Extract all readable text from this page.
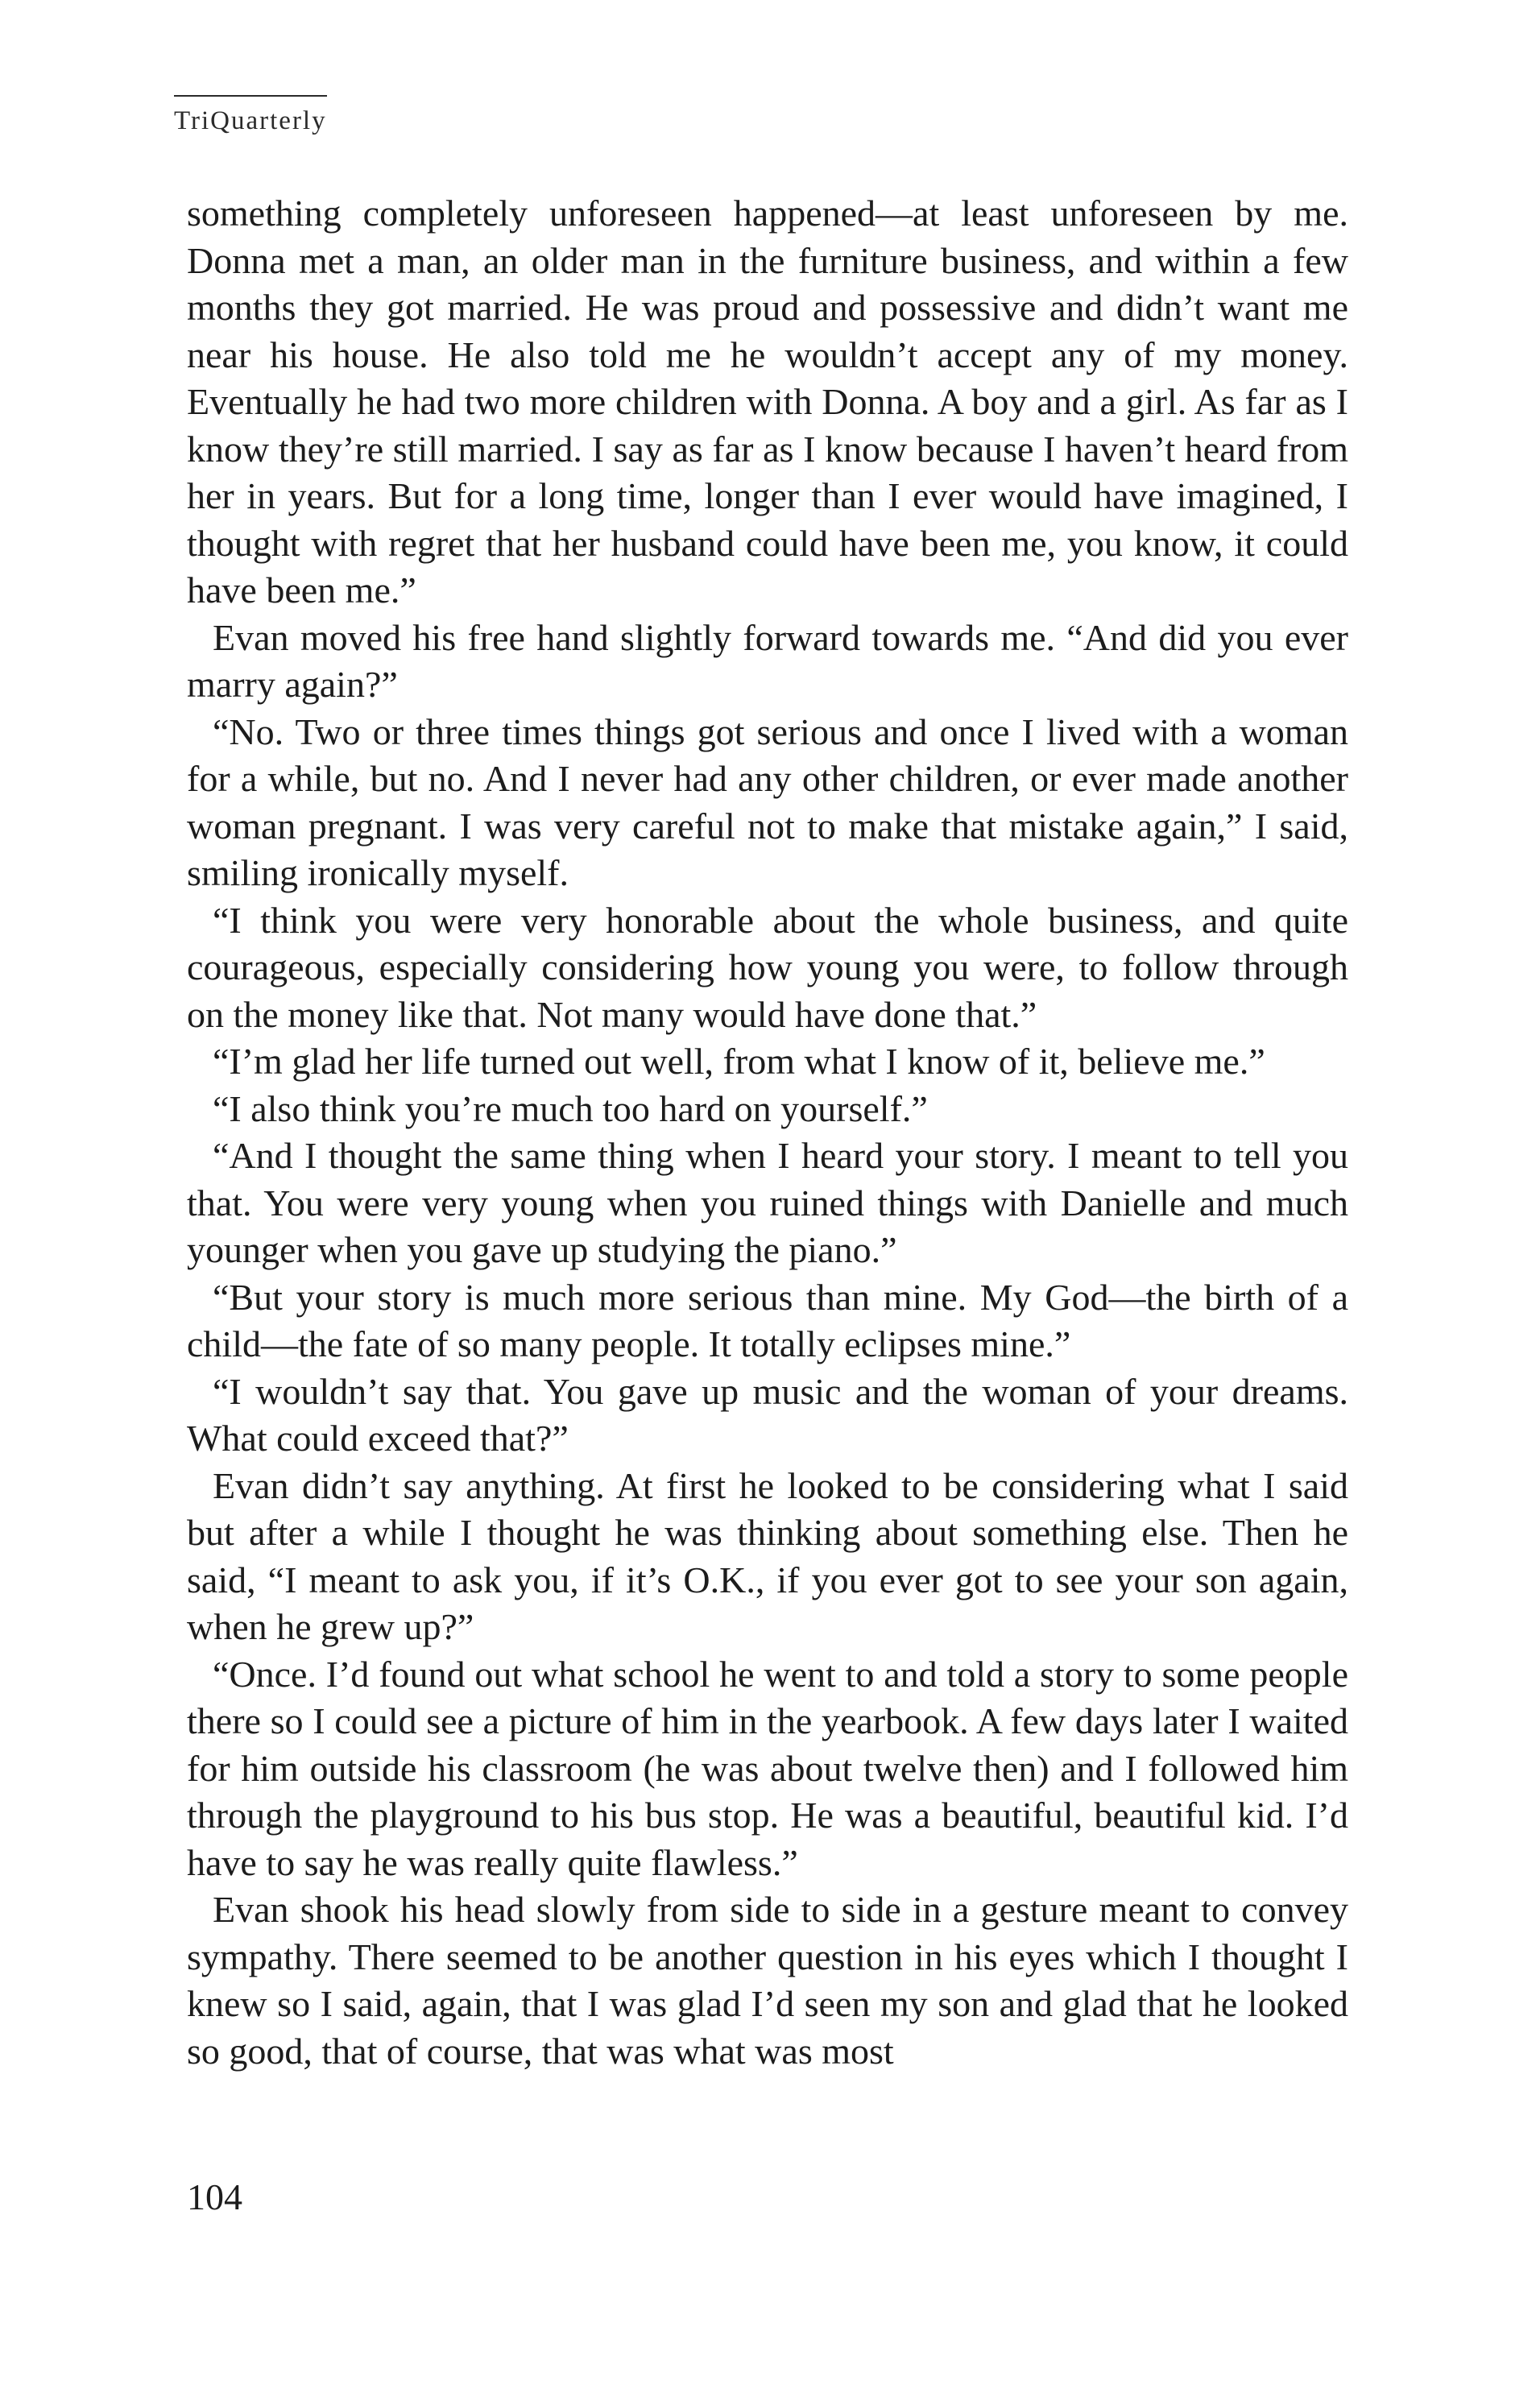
TriQuarterly

something completely unforeseen happened—at least unforeseen by me. Donna met a man, an older man in the furniture business, and within a few months they got married. He was proud and possessive and didn’t want me near his house. He also told me he wouldn’t accept any of my money. Eventually he had two more children with Donna. A boy and a girl. As far as I know they’re still married. I say as far as I know because I haven’t heard from her in years. But for a long time, longer than I ever would have imagined, I thought with regret that her husband could have been me, you know, it could have been me.”

Evan moved his free hand slightly forward towards me. “And did you ever marry again?”

“No. Two or three times things got serious and once I lived with a woman for a while, but no. And I never had any other children, or ever made another woman pregnant. I was very careful not to make that mistake again,” I said, smiling ironically myself.

“I think you were very honorable about the whole business, and quite courageous, especially considering how young you were, to follow through on the money like that. Not many would have done that.”

“I’m glad her life turned out well, from what I know of it, believe me.”

“I also think you’re much too hard on yourself.”

“And I thought the same thing when I heard your story. I meant to tell you that. You were very young when you ruined things with Danielle and much younger when you gave up studying the piano.”

“But your story is much more serious than mine. My God—the birth of a child—the fate of so many people. It totally eclipses mine.”

“I wouldn’t say that. You gave up music and the woman of your dreams. What could exceed that?”

Evan didn’t say anything. At first he looked to be considering what I said but after a while I thought he was thinking about something else. Then he said, “I meant to ask you, if it’s O.K., if you ever got to see your son again, when he grew up?”

“Once. I’d found out what school he went to and told a story to some people there so I could see a picture of him in the yearbook. A few days later I waited for him outside his classroom (he was about twelve then) and I followed him through the playground to his bus stop. He was a beautiful, beautiful kid. I’d have to say he was really quite flawless.”

Evan shook his head slowly from side to side in a gesture meant to convey sympathy. There seemed to be another question in his eyes which I thought I knew so I said, again, that I was glad I’d seen my son and glad that he looked so good, that of course, that was what was most

104
